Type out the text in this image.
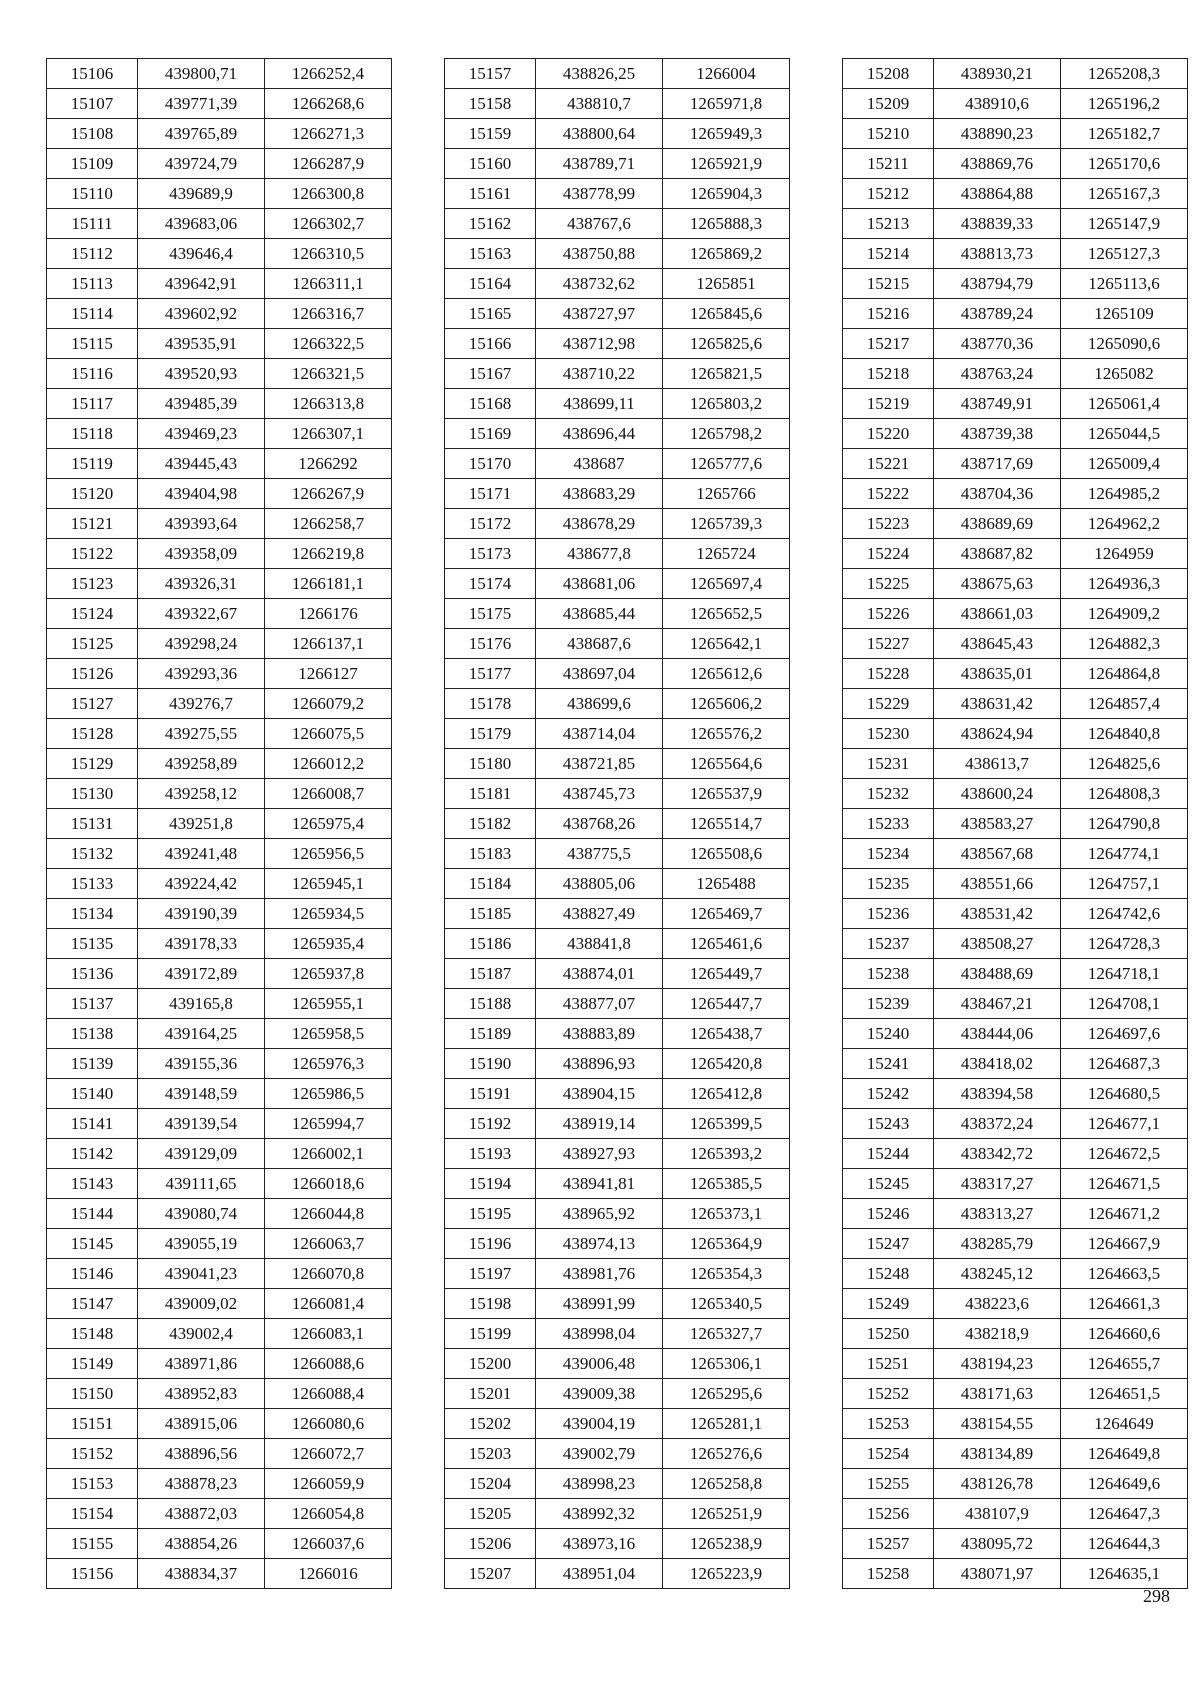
15106	439800,71	1266252,4
15107	439771,39	1266268,6
15108	439765,89	1266271,3
15109	439724,79	1266287,9
15110	439689,9	1266300,8
15111	439683,06	1266302,7
15112	439646,4	1266310,5
15113	439642,91	1266311,1
15114	439602,92	1266316,7
15115	439535,91	1266322,5
15116	439520,93	1266321,5
15117	439485,39	1266313,8
15118	439469,23	1266307,1
15119	439445,43	1266292
15120	439404,98	1266267,9
15121	439393,64	1266258,7
15122	439358,09	1266219,8
15123	439326,31	1266181,1
15124	439322,67	1266176
15125	439298,24	1266137,1
15126	439293,36	1266127
15127	439276,7	1266079,2
15128	439275,55	1266075,5
15129	439258,89	1266012,2
15130	439258,12	1266008,7
15131	439251,8	1265975,4
15132	439241,48	1265956,5
15133	439224,42	1265945,1
15134	439190,39	1265934,5
15135	439178,33	1265935,4
15136	439172,89	1265937,8
15137	439165,8	1265955,1
15138	439164,25	1265958,5
15139	439155,36	1265976,3
15140	439148,59	1265986,5
15141	439139,54	1265994,7
15142	439129,09	1266002,1
15143	439111,65	1266018,6
15144	439080,74	1266044,8
15145	439055,19	1266063,7
15146	439041,23	1266070,8
15147	439009,02	1266081,4
15148	439002,4	1266083,1
15149	438971,86	1266088,6
15150	438952,83	1266088,4
15151	438915,06	1266080,6
15152	438896,56	1266072,7
15153	438878,23	1266059,9
15154	438872,03	1266054,8
15155	438854,26	1266037,6
15156	438834,37	1266016
15157	438826,25	1266004
15158	438810,7	1265971,8
15159	438800,64	1265949,3
15160	438789,71	1265921,9
15161	438778,99	1265904,3
15162	438767,6	1265888,3
15163	438750,88	1265869,2
15164	438732,62	1265851
15165	438727,97	1265845,6
15166	438712,98	1265825,6
15167	438710,22	1265821,5
15168	438699,11	1265803,2
15169	438696,44	1265798,2
15170	438687	1265777,6
15171	438683,29	1265766
15172	438678,29	1265739,3
15173	438677,8	1265724
15174	438681,06	1265697,4
15175	438685,44	1265652,5
15176	438687,6	1265642,1
15177	438697,04	1265612,6
15178	438699,6	1265606,2
15179	438714,04	1265576,2
15180	438721,85	1265564,6
15181	438745,73	1265537,9
15182	438768,26	1265514,7
15183	438775,5	1265508,6
15184	438805,06	1265488
15185	438827,49	1265469,7
15186	438841,8	1265461,6
15187	438874,01	1265449,7
15188	438877,07	1265447,7
15189	438883,89	1265438,7
15190	438896,93	1265420,8
15191	438904,15	1265412,8
15192	438919,14	1265399,5
15193	438927,93	1265393,2
15194	438941,81	1265385,5
15195	438965,92	1265373,1
15196	438974,13	1265364,9
15197	438981,76	1265354,3
15198	438991,99	1265340,5
15199	438998,04	1265327,7
15200	439006,48	1265306,1
15201	439009,38	1265295,6
15202	439004,19	1265281,1
15203	439002,79	1265276,6
15204	438998,23	1265258,8
15205	438992,32	1265251,9
15206	438973,16	1265238,9
15207	438951,04	1265223,9
15208	438930,21	1265208,3
15209	438910,6	1265196,2
15210	438890,23	1265182,7
15211	438869,76	1265170,6
15212	438864,88	1265167,3
15213	438839,33	1265147,9
15214	438813,73	1265127,3
15215	438794,79	1265113,6
15216	438789,24	1265109
15217	438770,36	1265090,6
15218	438763,24	1265082
15219	438749,91	1265061,4
15220	438739,38	1265044,5
15221	438717,69	1265009,4
15222	438704,36	1264985,2
15223	438689,69	1264962,2
15224	438687,82	1264959
15225	438675,63	1264936,3
15226	438661,03	1264909,2
15227	438645,43	1264882,3
15228	438635,01	1264864,8
15229	438631,42	1264857,4
15230	438624,94	1264840,8
15231	438613,7	1264825,6
15232	438600,24	1264808,3
15233	438583,27	1264790,8
15234	438567,68	1264774,1
15235	438551,66	1264757,1
15236	438531,42	1264742,6
15237	438508,27	1264728,3
15238	438488,69	1264718,1
15239	438467,21	1264708,1
15240	438444,06	1264697,6
15241	438418,02	1264687,3
15242	438394,58	1264680,5
15243	438372,24	1264677,1
15244	438342,72	1264672,5
15245	438317,27	1264671,5
15246	438313,27	1264671,2
15247	438285,79	1264667,9
15248	438245,12	1264663,5
15249	438223,6	1264661,3
15250	438218,9	1264660,6
15251	438194,23	1264655,7
15252	438171,63	1264651,5
15253	438154,55	1264649
15254	438134,89	1264649,8
15255	438126,78	1264649,6
15256	438107,9	1264647,3
15257	438095,72	1264644,3
15258	438071,97	1264635,1
298
